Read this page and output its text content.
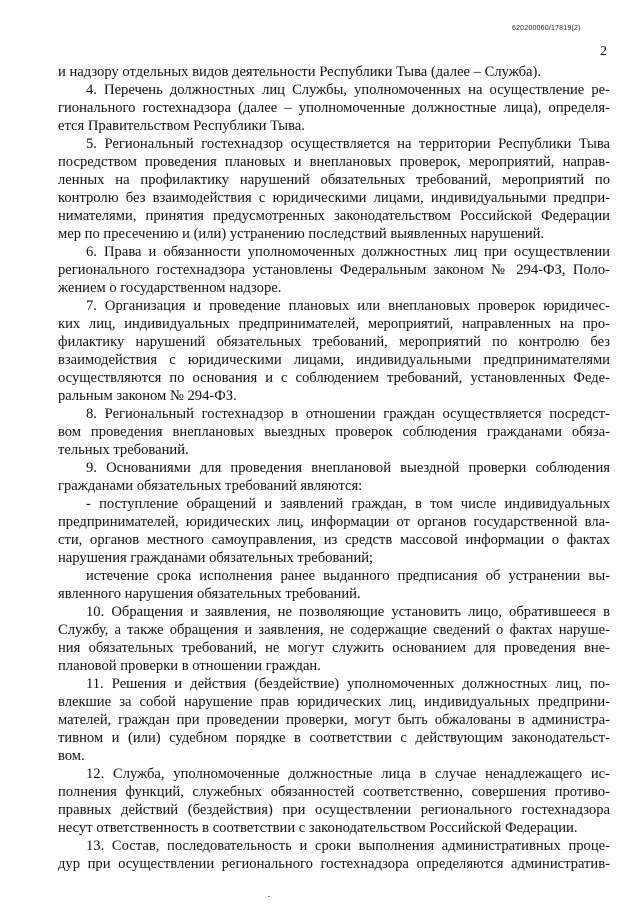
620200060/17819(2)
2
и надзору отдельных видов деятельности Республики Тыва (далее – Служба).
4. Перечень должностных лиц Службы, уполномоченных на осуществление ре-
гионального гостехнадзора (далее – уполномоченные должностные лица), определя-
ется Правительством Республики Тыва.
5. Региональный гостехнадзор осуществляется на территории Республики Тыва
посредством проведения плановых и внеплановых проверок, мероприятий, направ-
ленных на профилактику нарушений обязательных требований, мероприятий по
контролю без взаимодействия с юридическими лицами, индивидуальными предпри-
нимателями, принятия предусмотренных законодательством Российской Федерации
мер по пресечению и (или) устранению последствий выявленных нарушений.
6. Права и обязанности уполномоченных должностных лиц при осуществлении
регионального гостехнадзора установлены Федеральным законом № 294-ФЗ, Поло-
жением о государственном надзоре.
7. Организация и проведение плановых или внеплановых проверок юридичес-
ких лиц, индивидуальных предпринимателей, мероприятий, направленных на про-
филактику нарушений обязательных требований, мероприятий по контролю без
взаимодействия с юридическими лицами, индивидуальными предпринимателями
осуществляются по основания и с соблюдением требований, установленных Феде-
ральным законом № 294-ФЗ.
8. Региональный гостехнадзор в отношении граждан осуществляется посредст-
вом проведения внеплановых выездных проверок соблюдения гражданами обяза-
тельных требований.
9. Основаниями для проведения внеплановой выездной проверки соблюдения
гражданами обязательных требований являются:
- поступление обращений и заявлений граждан, в том числе индивидуальных
предпринимателей, юридических лиц, информации от органов государственной вла-
сти, органов местного самоуправления, из средств массовой информации о фактах
нарушения гражданами обязательных требований;
истечение срока исполнения ранее выданного предписания об устранении вы-
явленного нарушения обязательных требований.
10. Обращения и заявления, не позволяющие установить лицо, обратившееся в
Службу, а также обращения и заявления, не содержащие сведений о фактах наруше-
ния обязательных требований, не могут служить основанием для проведения вне-
плановой проверки в отношении граждан.
11. Решения и действия (бездействие) уполномоченных должностных лиц, по-
влекшие за собой нарушение прав юридических лиц, индивидуальных предприни-
мателей, граждан при проведении проверки, могут быть обжалованы в администра-
тивном и (или) судебном порядке в соответствии с действующим законодательст-
вом.
12. Служба, уполномоченные должностные лица в случае ненадлежащего ис-
полнения функций, служебных обязанностей соответственно, совершения противо-
правных действий (бездействия) при осуществлении регионального гостехнадзора
несут ответственность в соответствии с законодательством Российской Федерации.
13. Состав, последовательность и сроки выполнения административных проце-
дур при осуществлении регионального гостехнадзора определяются административ-
